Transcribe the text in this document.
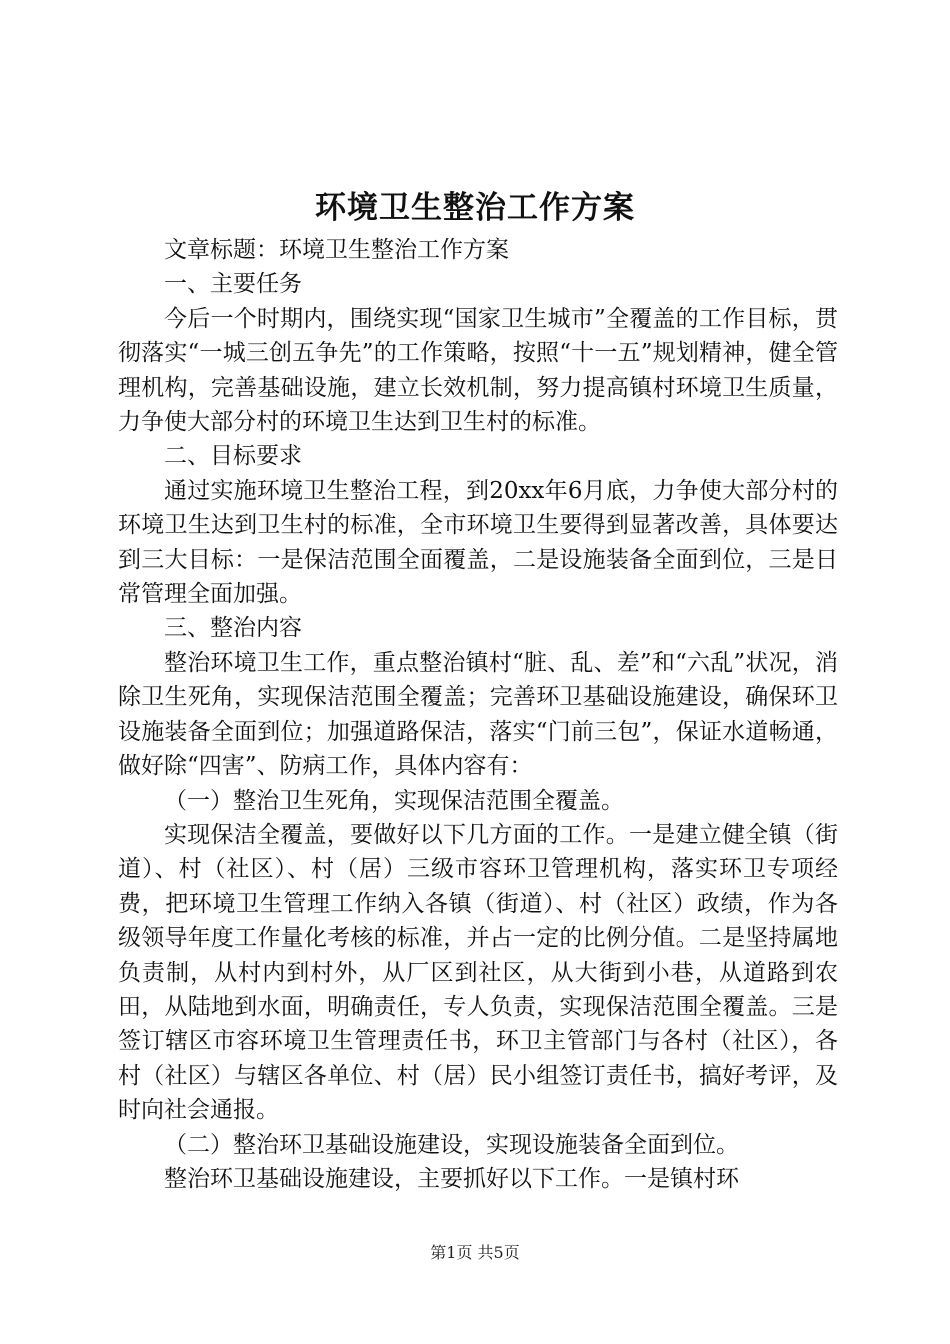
环境卫生整治工作方案

文章标题：环境卫生整治工作方案

一、主要任务

今后一个时期内，围绕实现“国家卫生城市”全覆盖的工作目标，贯彻落实“一城三创五争先”的工作策略，按照“十一五”规划精神，健全管理机构，完善基础设施，建立长效机制，努力提高镇村环境卫生质量，力争使大部分村的环境卫生达到卫生村的标准。

二、目标要求

通过实施环境卫生整治工程，到20xx年6月底，力争使大部分村的环境卫生达到卫生村的标准，全市环境卫生要得到显著改善，具体要达到三大目标：一是保洁范围全面覆盖，二是设施装备全面到位，三是日常管理全面加强。

三、整治内容

整治环境卫生工作，重点整治镇村“脏、乱、差”和“六乱”状况，消除卫生死角，实现保洁范围全覆盖；完善环卫基础设施建设，确保环卫设施装备全面到位；加强道路保洁，落实“门前三包”，保证水道畅通，做好除“四害”、防病工作，具体内容有：

（一）整治卫生死角，实现保洁范围全覆盖。

实现保洁全覆盖，要做好以下几方面的工作。一是建立健全镇（街道）、村（社区）、村（居）三级市容环卫管理机构，落实环卫专项经费，把环境卫生管理工作纳入各镇（街道）、村（社区）政绩，作为各级领导年度工作量化考核的标准，并占一定的比例分值。二是坚持属地负责制，从村内到村外，从厂区到社区，从大街到小巷，从道路到农田，从陆地到水面，明确责任，专人负责，实现保洁范围全覆盖。三是签订辖区市容环境卫生管理责任书，环卫主管部门与各村（社区），各村（社区）与辖区各单位、村（居）民小组签订责任书，搞好考评，及时向社会通报。

（二）整治环卫基础设施建设，实现设施装备全面到位。

整治环卫基础设施建设，主要抓好以下工作。一是镇村环

第1页 共5页
